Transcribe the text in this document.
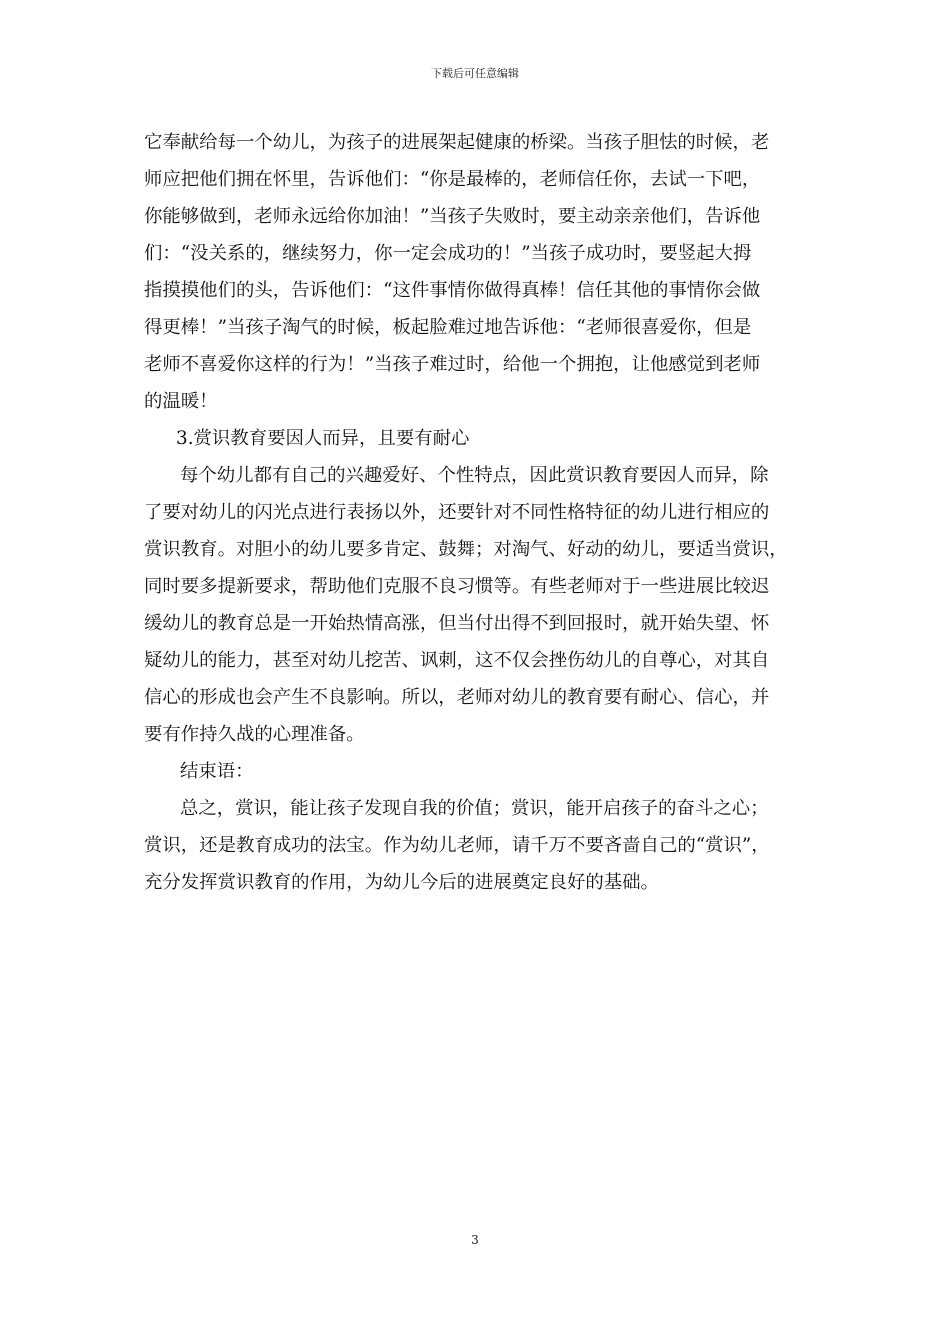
下载后可任意编辑
它奉献给每一个幼儿，为孩子的进展架起健康的桥梁。当孩子胆怯的时候，老
师应把他们拥在怀里，告诉他们：“你是最棒的，老师信任你，去试一下吧，
你能够做到，老师永远给你加油！”当孩子失败时，要主动亲亲他们，告诉他
们：“没关系的，继续努力，你一定会成功的！”当孩子成功时，要竖起大拇
指摸摸他们的头，告诉他们：“这件事情你做得真棒！信任其他的事情你会做
得更棒！”当孩子淘气的时候，板起脸难过地告诉他：“老师很喜爱你，但是
老师不喜爱你这样的行为！”当孩子难过时，给他一个拥抱，让他感觉到老师
的温暖！
3.赏识教育要因人而异，且要有耐心
每个幼儿都有自己的兴趣爱好、个性特点，因此赏识教育要因人而异，除
了要对幼儿的闪光点进行表扬以外，还要针对不同性格特征的幼儿进行相应的
赏识教育。对胆小的幼儿要多肯定、鼓舞；对淘气、好动的幼儿，要适当赏识，
同时要多提新要求，帮助他们克服不良习惯等。有些老师对于一些进展比较迟
缓幼儿的教育总是一开始热情高涨，但当付出得不到回报时，就开始失望、怀
疑幼儿的能力，甚至对幼儿挖苦、讽刺，这不仅会挫伤幼儿的自尊心，对其自
信心的形成也会产生不良影响。所以，老师对幼儿的教育要有耐心、信心，并
要有作持久战的心理准备。
结束语：
总之，赏识，能让孩子发现自我的价值；赏识，能开启孩子的奋斗之心；
赏识，还是教育成功的法宝。作为幼儿老师，请千万不要吝啬自己的“赏识”，
充分发挥赏识教育的作用，为幼儿今后的进展奠定良好的基础。
3
